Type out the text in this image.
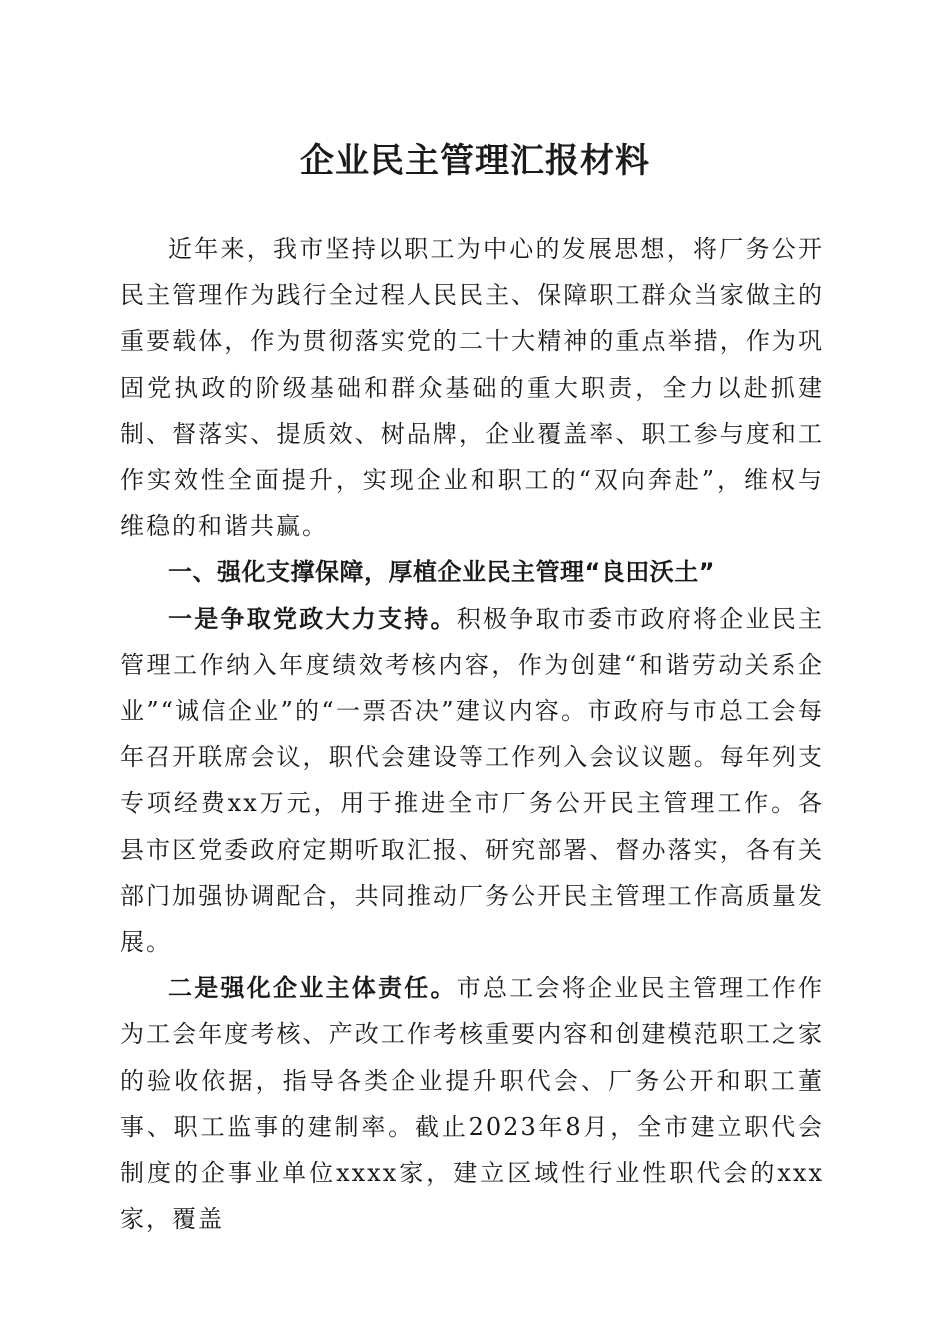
企业民主管理汇报材料

近年来，我市坚持以职工为中心的发展思想，将厂务公开民主管理作为践行全过程人民民主、保障职工群众当家做主的重要载体，作为贯彻落实党的二十大精神的重点举措，作为巩固党执政的阶级基础和群众基础的重大职责，全力以赴抓建制、督落实、提质效、树品牌，企业覆盖率、职工参与度和工作实效性全面提升，实现企业和职工的“双向奔赴”，维权与维稳的和谐共赢。

一、强化支撑保障，厚植企业民主管理“良田沃土”

一是争取党政大力支持。积极争取市委市政府将企业民主管理工作纳入年度绩效考核内容，作为创建“和谐劳动关系企业”“诚信企业”的“一票否决”建议内容。市政府与市总工会每年召开联席会议，职代会建设等工作列入会议议题。每年列支专项经费xx万元，用于推进全市厂务公开民主管理工作。各县市区党委政府定期听取汇报、研究部署、督办落实，各有关部门加强协调配合，共同推动厂务公开民主管理工作高质量发展。

二是强化企业主体责任。市总工会将企业民主管理工作作为工会年度考核、产改工作考核重要内容和创建模范职工之家的验收依据，指导各类企业提升职代会、厂务公开和职工董事、职工监事的建制率。截止2023年8月，全市建立职代会制度的企事业单位xxxx家，建立区域性行业性职代会的xxx家，覆盖
